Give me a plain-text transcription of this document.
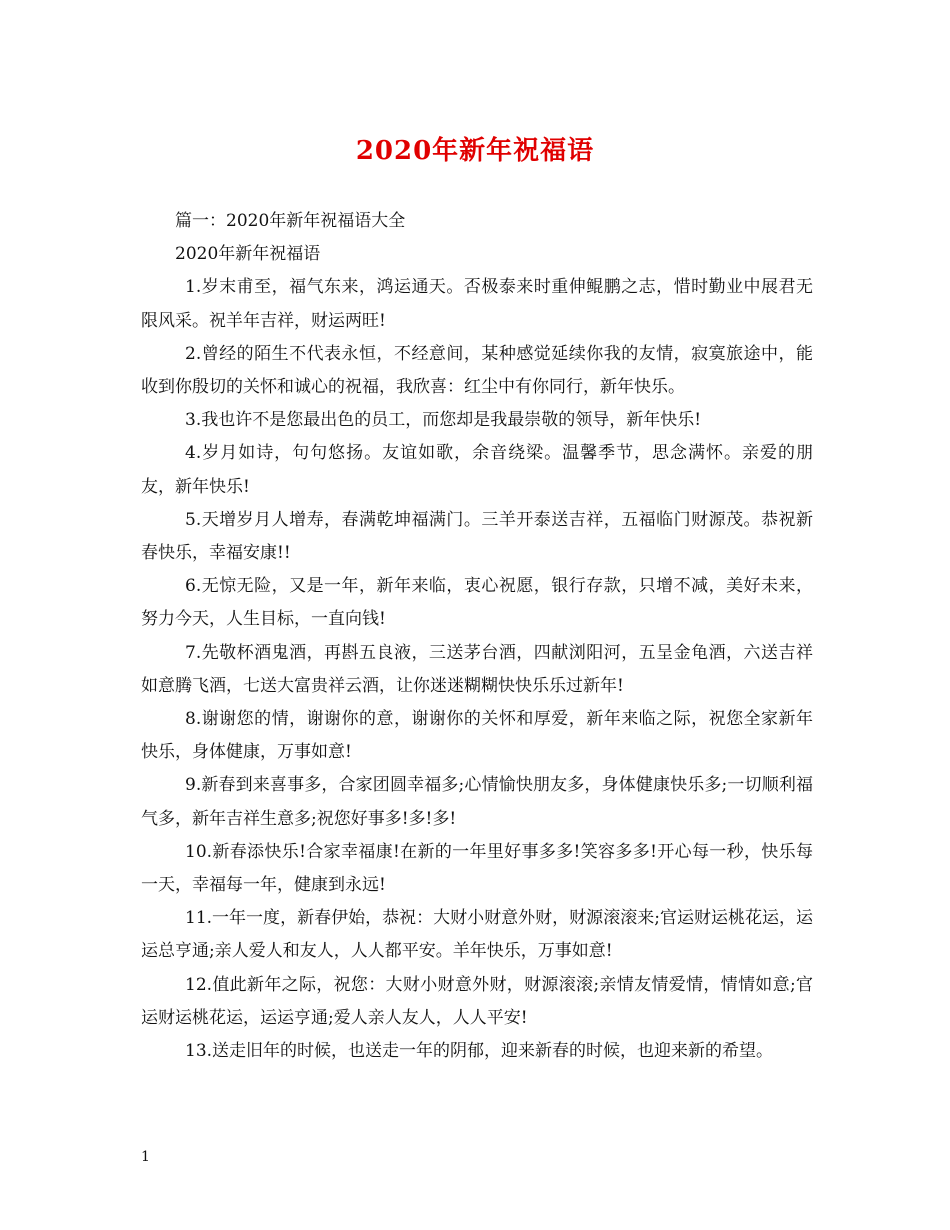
2020年新年祝福语

篇一：2020年新年祝福语大全

2020年新年祝福语

1.岁末甫至，福气东来，鸿运通天。否极泰来时重伸鲲鹏之志，惜时勤业中展君无限风采。祝羊年吉祥，财运两旺!

2.曾经的陌生不代表永恒，不经意间，某种感觉延续你我的友情，寂寞旅途中，能收到你殷切的关怀和诚心的祝福，我欣喜：红尘中有你同行，新年快乐。

3.我也许不是您最出色的员工，而您却是我最崇敬的领导，新年快乐!

4.岁月如诗，句句悠扬。友谊如歌，余音绕梁。温馨季节，思念满怀。亲爱的朋友，新年快乐!

5.天增岁月人增寿，春满乾坤福满门。三羊开泰送吉祥，五福临门财源茂。恭祝新春快乐，幸福安康!!

6.无惊无险，又是一年，新年来临，衷心祝愿，银行存款，只增不减，美好未来，努力今天，人生目标，一直向钱!

7.先敬杯酒鬼酒，再斟五良液，三送茅台酒，四献浏阳河，五呈金龟酒，六送吉祥如意腾飞酒，七送大富贵祥云酒，让你迷迷糊糊快快乐乐过新年!

8.谢谢您的情，谢谢你的意，谢谢你的关怀和厚爱，新年来临之际，祝您全家新年快乐，身体健康，万事如意!

9.新春到来喜事多，合家团圆幸福多;心情愉快朋友多，身体健康快乐多;一切顺利福气多，新年吉祥生意多;祝您好事多!多!多!

10.新春添快乐!合家幸福康!在新的一年里好事多多!笑容多多!开心每一秒，快乐每一天，幸福每一年，健康到永远!

11.一年一度，新春伊始，恭祝：大财小财意外财，财源滚滚来;官运财运桃花运，运运总亨通;亲人爱人和友人，人人都平安。羊年快乐，万事如意!

12.值此新年之际，祝您：大财小财意外财，财源滚滚;亲情友情爱情，情情如意;官运财运桃花运，运运亨通;爱人亲人友人，人人平安!

13.送走旧年的时候，也送走一年的阴郁，迎来新春的时候，也迎来新的希望。

1
